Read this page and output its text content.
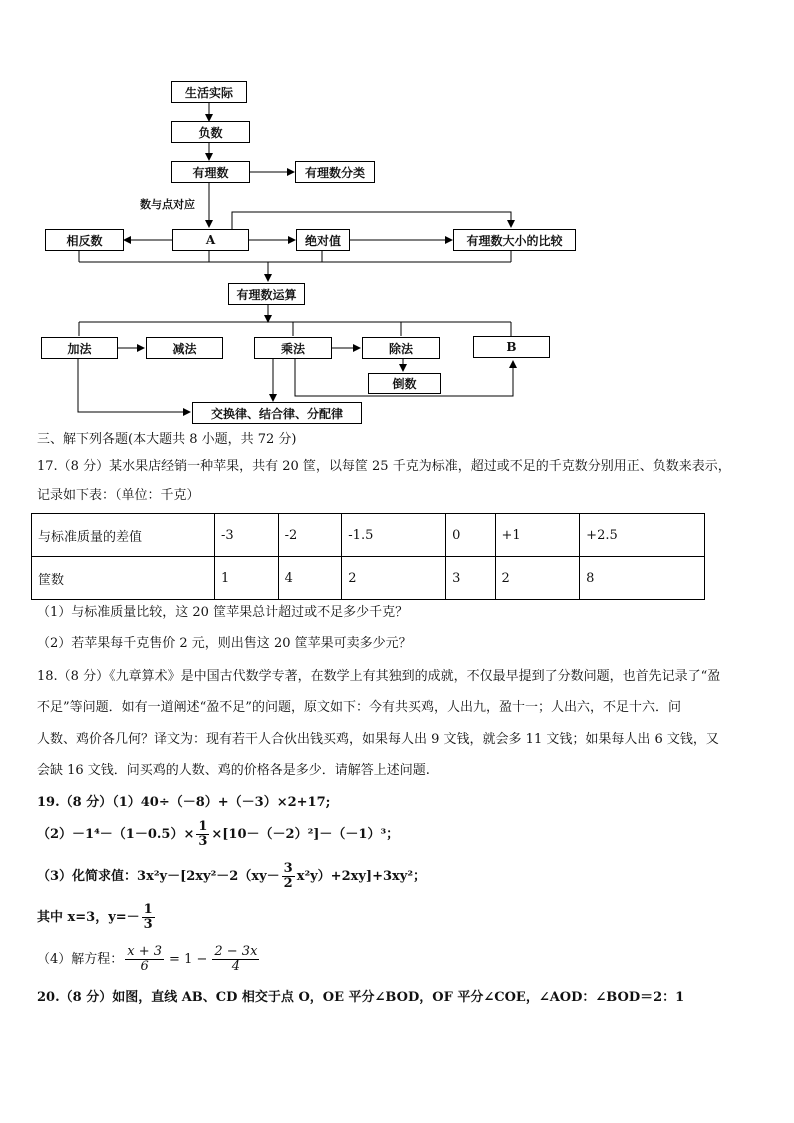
生活实际
负数
有理数	有理数分类
数与点对应
相反数	A	绝对值	有理数大小的比较
有理数运算
加法	减法	乘法	除法	B
倒数
交换律、结合律、分配律
三、解下列各题(本大题共 8 小题，共 72 分)
17.（8 分）某水果店经销一种苹果，共有 20 筐，以每筐 25 千克为标准，超过或不足的千克数分别用正、负数来表示，
记录如下表：（单位：千克）
与标准质量的差值	-3	-2	-1.5	0	+1	+2.5
筐数	1	4	2	3	2	8
（1）与标准质量比较，这 20 筐苹果总计超过或不足多少千克？
（2）若苹果每千克售价 2 元，则出售这 20 筐苹果可卖多少元？
18.（8 分）《九章算术》是中国古代数学专著，在数学上有其独到的成就，不仅最早提到了分数问题，也首先记录了“盈
不足”等问题．如有一道阐述“盈不足”的问题，原文如下：今有共买鸡，人出九，盈十一；人出六，不足十六．问
人数、鸡价各几何？译文为：现有若干人合伙出钱买鸡，如果每人出 9 文钱，就会多 11 文钱；如果每人出 6 文钱，又
会缺 16 文钱．问买鸡的人数、鸡的价格各是多少．请解答上述问题.
19.（8 分）（1）40÷（－8）+（－3）×2+17;
$(2)-1^4-(1-0.5)\times \frac{1}{3} \times[10-(-2)^2]-(-1)^3$；
（3）化简求值：$3x^2y-[2xy^2-2(xy- \frac{3}{2} x^2y)+2xy]+3xy^2$；
其中 x=3，$y=- \frac{1}{3}$
（4）解方程： $\frac{x + 3}{6} = 1 - \frac{2 - 3x}{4}$
20.（8 分）如图，直线 AB、CD 相交于点 O，OE 平分∠BOD，OF 平分∠COE，∠AOD：∠BOD＝2：1
